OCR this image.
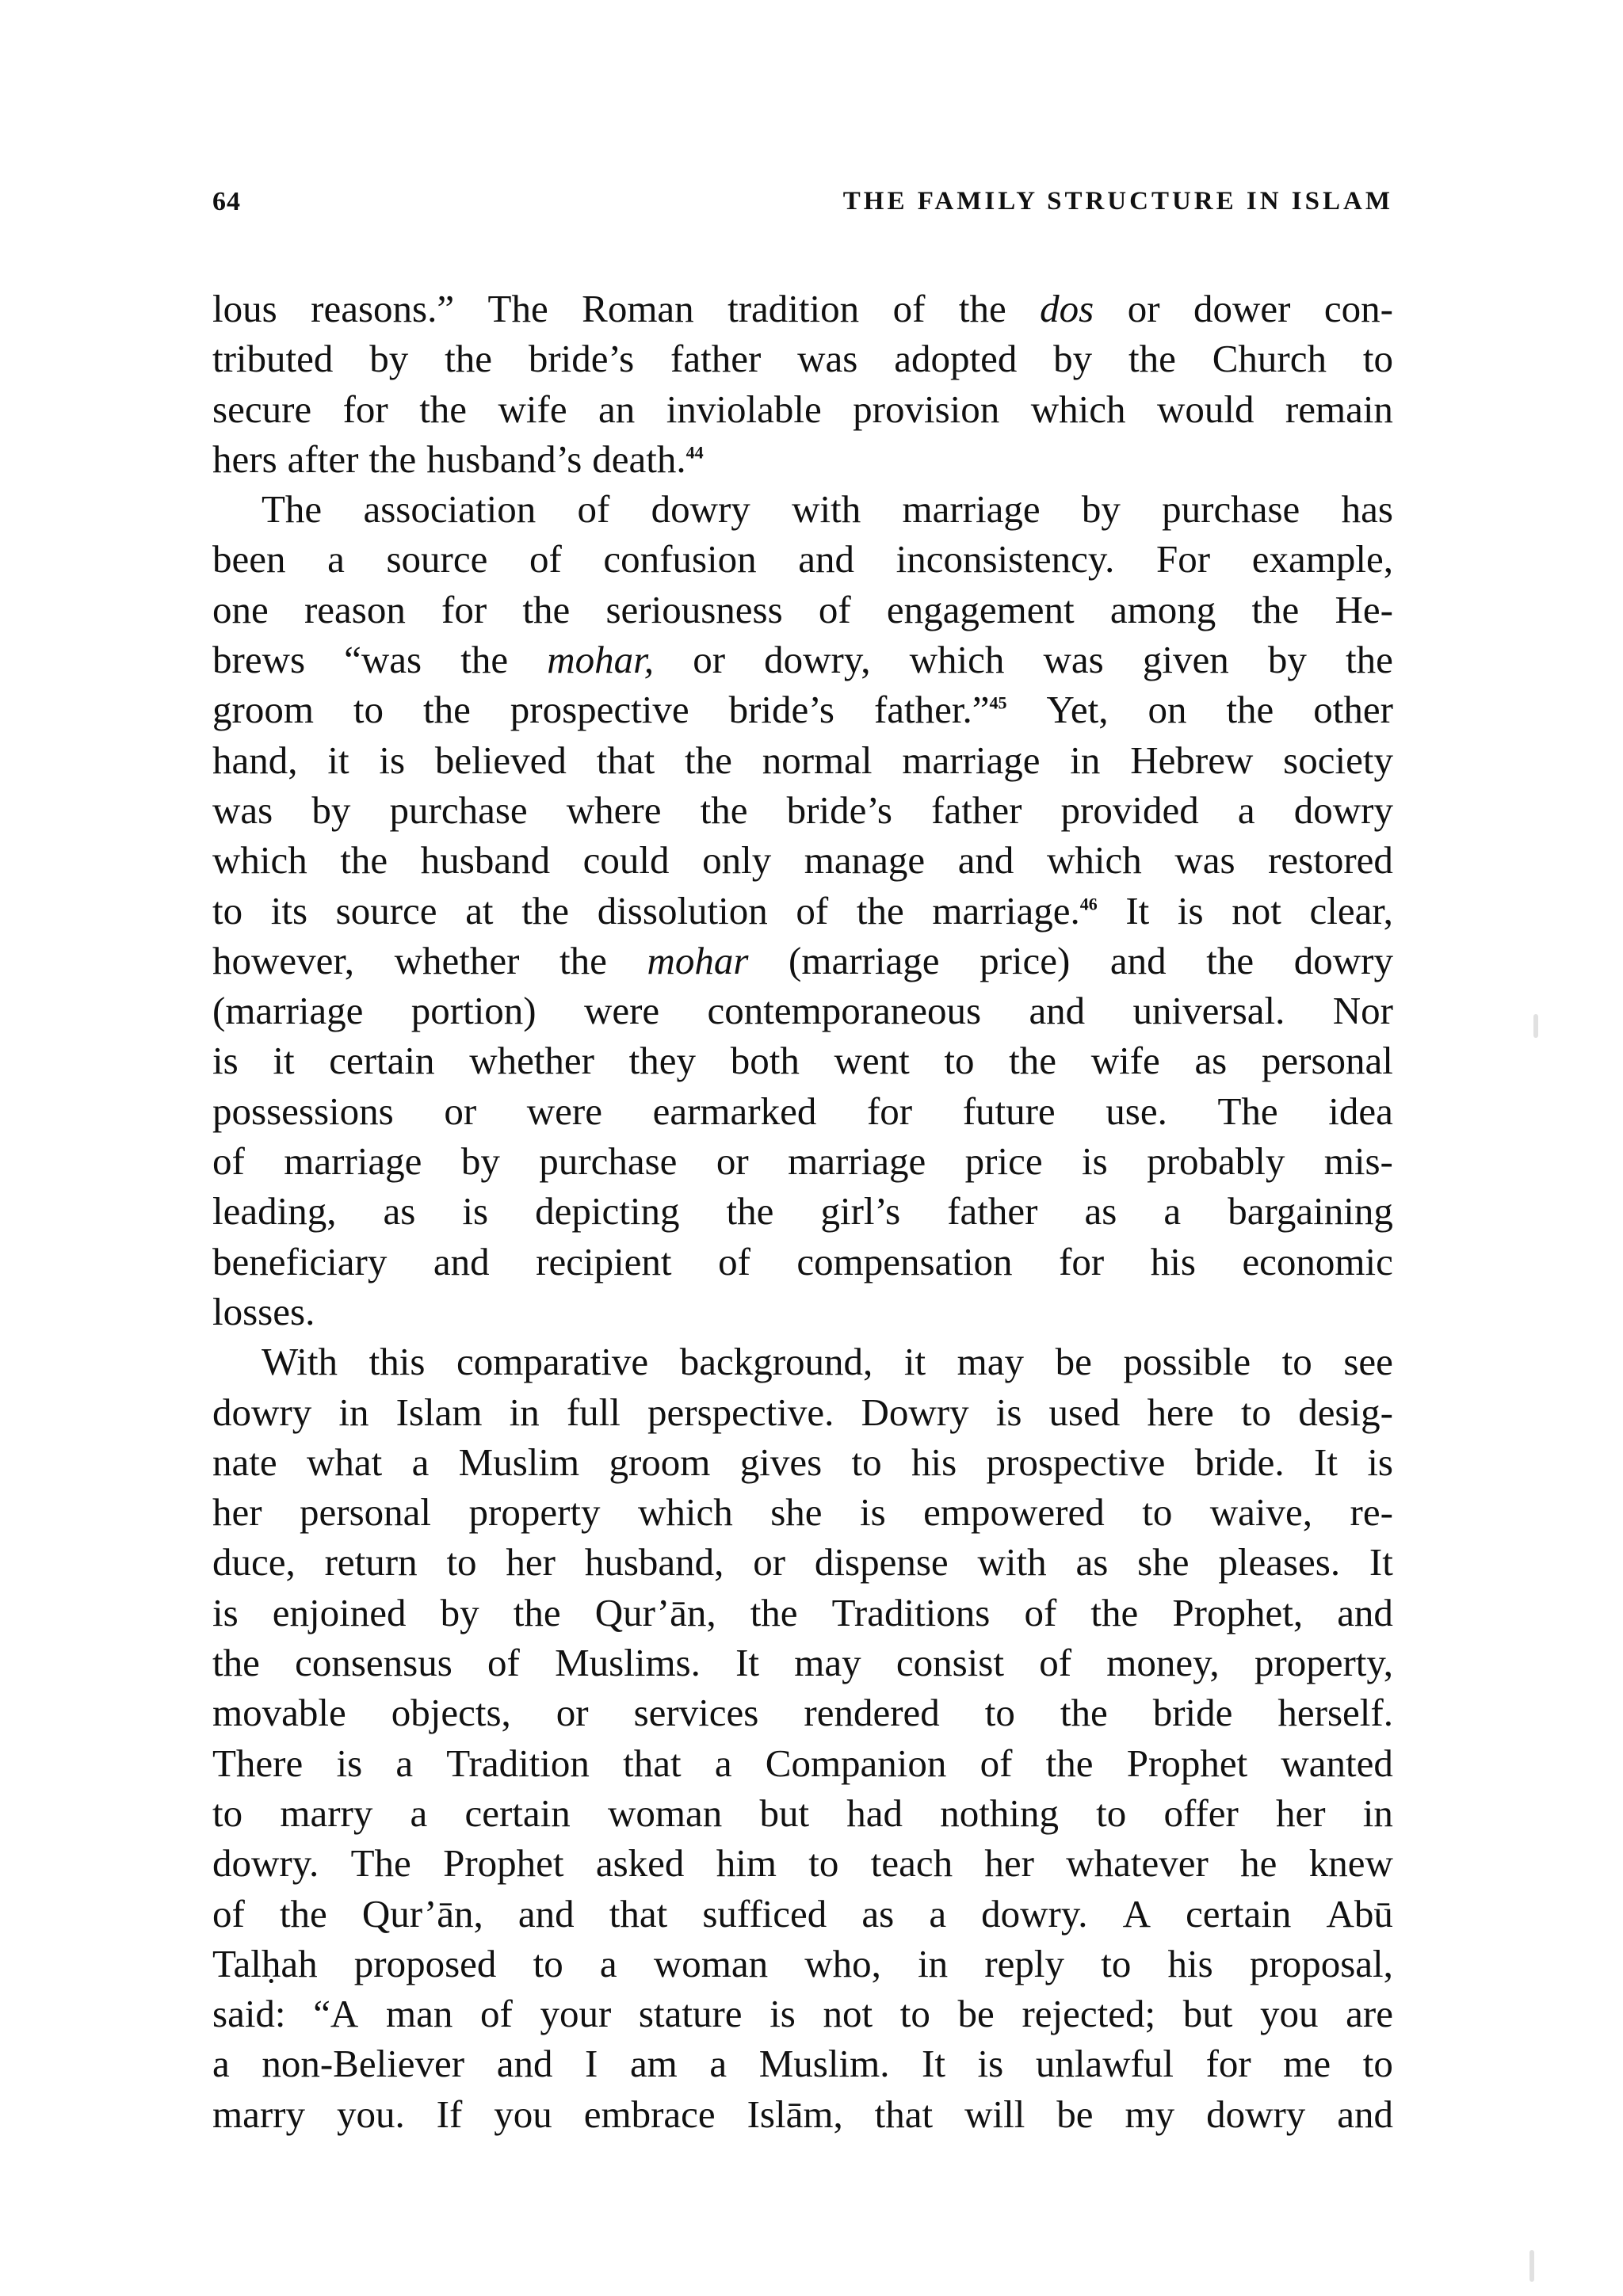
64	THE FAMILY STRUCTURE IN ISLAM
lous reasons.” The Roman tradition of the dos or dower con-
tributed by the bride’s father was adopted by the Church to
secure for the wife an inviolable provision which would remain
hers after the husband’s death.$^{44}$
The association of dowry with marriage by purchase has
been a source of confusion and inconsistency. For example,
one reason for the seriousness of engagement among the He-
brews “was the mohar, or dowry, which was given by the
groom to the prospective bride’s father.”$^{45}$ Yet, on the other
hand, it is believed that the normal marriage in Hebrew society
was by purchase where the bride’s father provided a dowry
which the husband could only manage and which was restored
to its source at the dissolution of the marriage.$^{46}$ It is not clear,
however, whether the mohar (marriage price) and the dowry
(marriage portion) were contemporaneous and universal. Nor
is it certain whether they both went to the wife as personal
possessions or were earmarked for future use. The idea
of marriage by purchase or marriage price is probably mis-
leading, as is depicting the girl’s father as a bargaining
beneficiary and recipient of compensation for his economic
losses.
With this comparative background, it may be possible to see
dowry in Islam in full perspective. Dowry is used here to desig-
nate what a Muslim groom gives to his prospective bride. It is
her personal property which she is empowered to waive, re-
duce, return to her husband, or dispense with as she pleases. It
is enjoined by the Qur’ān, the Traditions of the Prophet, and
the consensus of Muslims. It may consist of money, property,
movable objects, or services rendered to the bride herself.
There is a Tradition that a Companion of the Prophet wanted
to marry a certain woman but had nothing to offer her in
dowry. The Prophet asked him to teach her whatever he knew
of the Qur’ān, and that sufficed as a dowry. A certain Abū
Talḥah proposed to a woman who, in reply to his proposal,
said: “A man of your stature is not to be rejected; but you are
a non-Believer and I am a Muslim. It is unlawful for me to
marry you. If you embrace Islām, that will be my dowry and
